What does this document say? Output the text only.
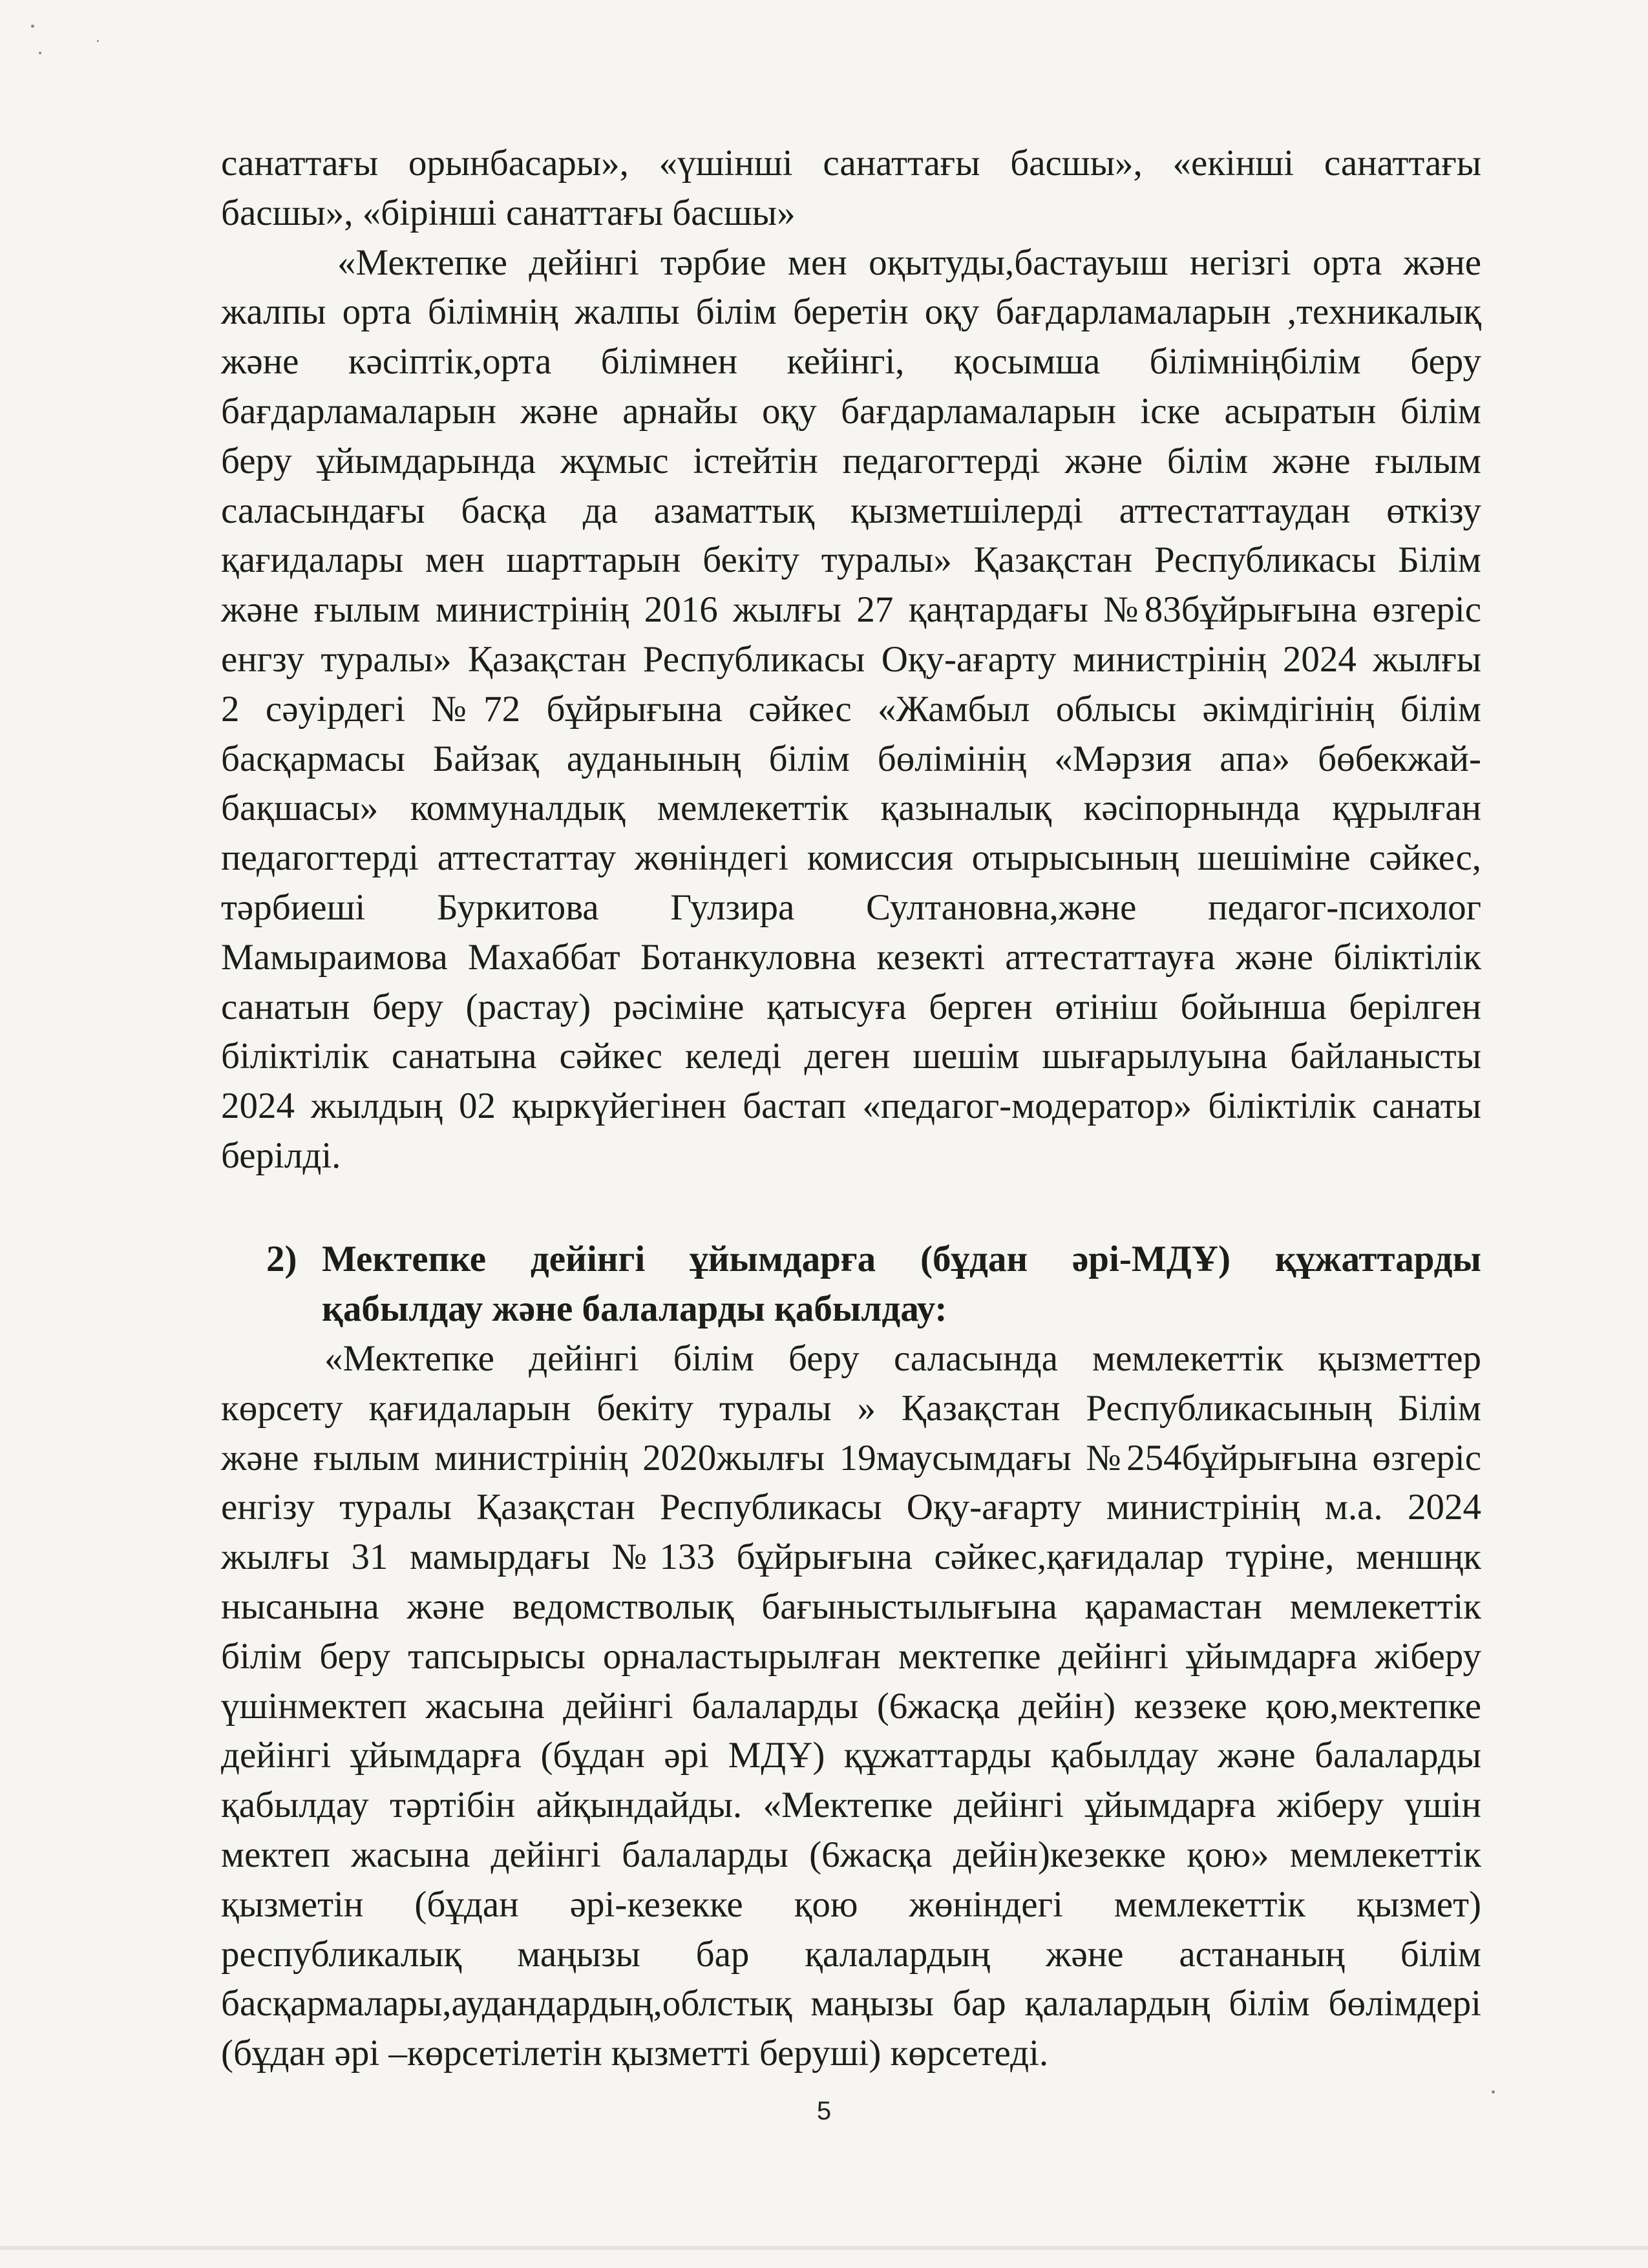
санаттағы орынбасары», «үшінші санаттағы басшы», «екінші санаттағы
басшы», «бірінші санаттағы басшы»
«Мектепке дейінгі тәрбие мен оқытуды,бастауыш негізгі орта және
жалпы орта білімнің жалпы білім беретін оқу бағдарламаларын ,техникалық
және кәсіптік,орта білімнен кейінгі, қосымша білімніңбілім беру
бағдарламаларын және арнайы оқу бағдарламаларын іске асыратын білім
беру ұйымдарында жұмыс істейтін педагогтерді және білім және ғылым
саласындағы басқа да азаматтық қызметшілерді аттестаттаудан өткізу
қағидалары мен шарттарын бекіту туралы» Қазақстан Республикасы Білім
және ғылым министрінің 2016 жылғы 27 қаңтардағы №83бұйрығына өзгеріс
енгзу туралы» Қазақстан Республикасы Оқу-ағарту министрінің 2024 жылғы
2 сәуірдегі №72 бұйрығына сәйкес «Жамбыл облысы әкімдігінің білім
басқармасы Байзақ ауданының білім бөлімінің «Мәрзия апа» бөбекжай-
бақшасы» коммуналдық мемлекеттік қазыналық кәсіпорнында құрылған
педагогтерді аттестаттау жөніндегі комиссия отырысының шешіміне сәйкес,
тәрбиеші Буркитова Гулзира Султановна,және педагог-психолог
Мамыраимова Махаббат Ботанкуловна кезекті аттестаттауға және біліктілік
санатын беру (растау) рәсіміне қатысуға берген өтініш бойынша берілген
біліктілік санатына сәйкес келеді деген шешім шығарылуына байланысты
2024 жылдың 02 қыркүйегінен бастап «педагог-модератор» біліктілік санаты
берілді.
2) Мектепке дейінгі ұйымдарға (бұдан әрі-МДҰ) құжаттарды
қабылдау және балаларды қабылдау:
«Мектепке дейінгі білім беру саласында мемлекеттік қызметтер
көрсету қағидаларын бекіту туралы » Қазақстан Республикасының Білім
және ғылым министрінің 2020жылғы 19маусымдағы №254бұйрығына өзгеріс
енгізу туралы Қазақстан Республикасы Оқу-ағарту министрінің м.а. 2024
жылғы 31 мамырдағы №133 бұйрығына сәйкес,қағидалар түріне, меншңк
нысанына және ведомстволық бағыныстылығына қарамастан мемлекеттік
білім беру тапсырысы орналастырылған мектепке дейінгі ұйымдарға жіберу
үшінмектеп жасына дейінгі балаларды (6жасқа дейін) кеззеке қою,мектепке
дейінгі ұйымдарға (бұдан әрі МДҰ) құжаттарды қабылдау және балаларды
қабылдау тәртібін айқындайды. «Мектепке дейінгі ұйымдарға жіберу үшін
мектеп жасына дейінгі балаларды (6жасқа дейін)кезекке қою» мемлекеттік
қызметін (бұдан әрі-кезекке қою жөніндегі мемлекеттік қызмет)
республикалық маңызы бар қалалардың және астананың білім
басқармалары,аудандардың,облстық маңызы бар қалалардың білім бөлімдері
(бұдан әрі –көрсетілетін қызметті беруші) көрсетеді.
5
